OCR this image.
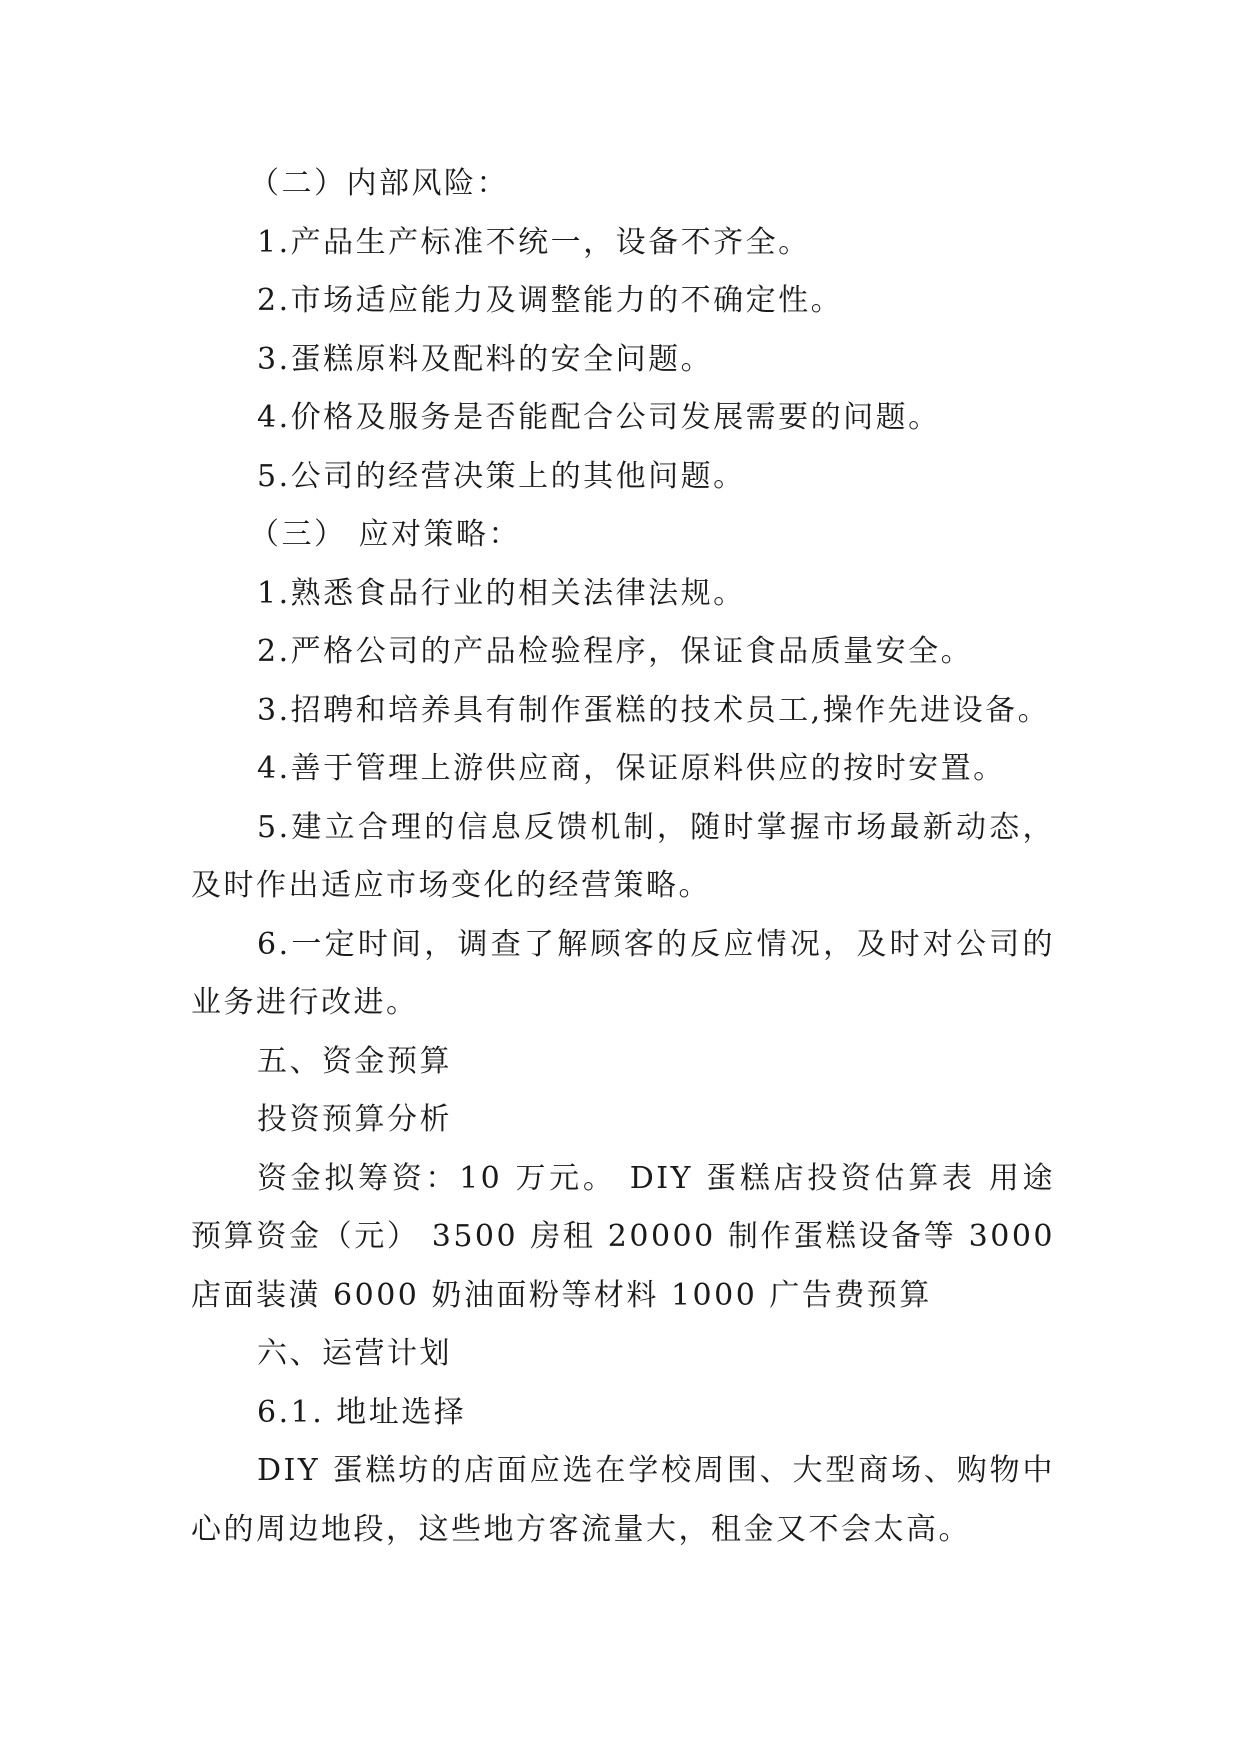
（二）内部风险：

1.产品生产标准不统一，设备不齐全。

2.市场适应能力及调整能力的不确定性。

3.蛋糕原料及配料的安全问题。

4.价格及服务是否能配合公司发展需要的问题。

5.公司的经营决策上的其他问题。

（三） 应对策略：

1.熟悉食品行业的相关法律法规。

2.严格公司的产品检验程序，保证食品质量安全。

3.招聘和培养具有制作蛋糕的技术员工,操作先进设备。

4.善于管理上游供应商，保证原料供应的按时安置。

5.建立合理的信息反馈机制，随时掌握市场最新动态，及时作出适应市场变化的经营策略。

6.一定时间，调查了解顾客的反应情况，及时对公司的业务进行改进。

五、资金预算

投资预算分析

资金拟筹资：10 万元。 DIY 蛋糕店投资估算表 用途 预算资金（元） 3500 房租 20000 制作蛋糕设备等 3000 店面装潢 6000 奶油面粉等材料 1000 广告费预算

六、运营计划

6.1. 地址选择

DIY 蛋糕坊的店面应选在学校周围、大型商场、购物中心的周边地段，这些地方客流量大，租金又不会太高。
